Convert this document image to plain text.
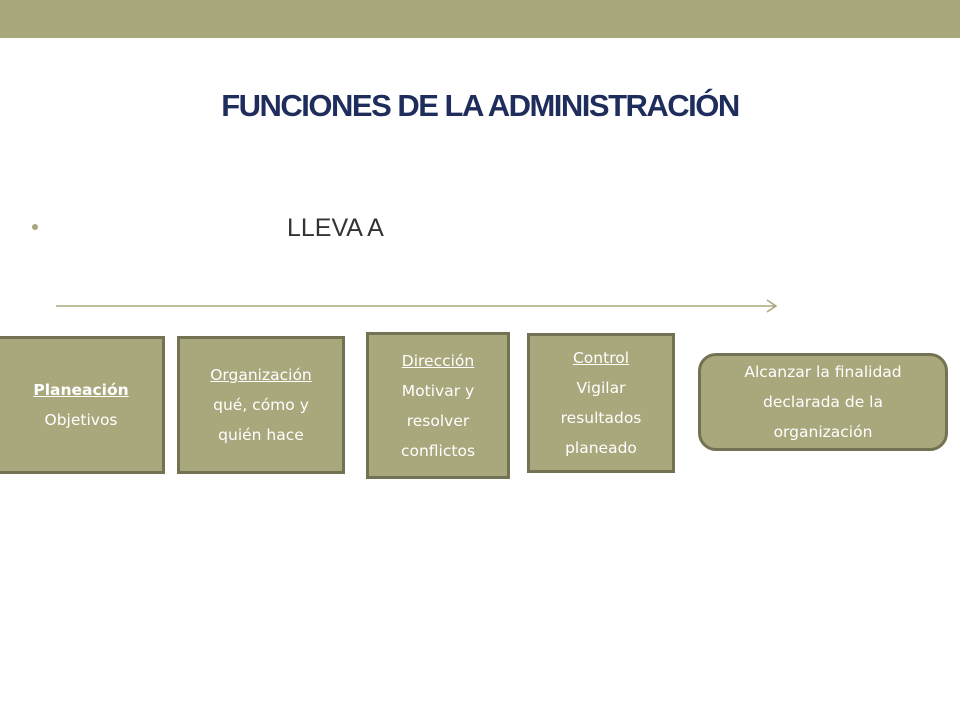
FUNCIONES DE LA ADMINISTRACIÓN
LLEVA A
Planeación
Objetivos
Organización
qué, cómo y
quién hace
Dirección
Motivar y
resolver
conflictos
Control
Vigilar
resultados
planeado
Alcanzar la finalidad
declarada de la
organización
